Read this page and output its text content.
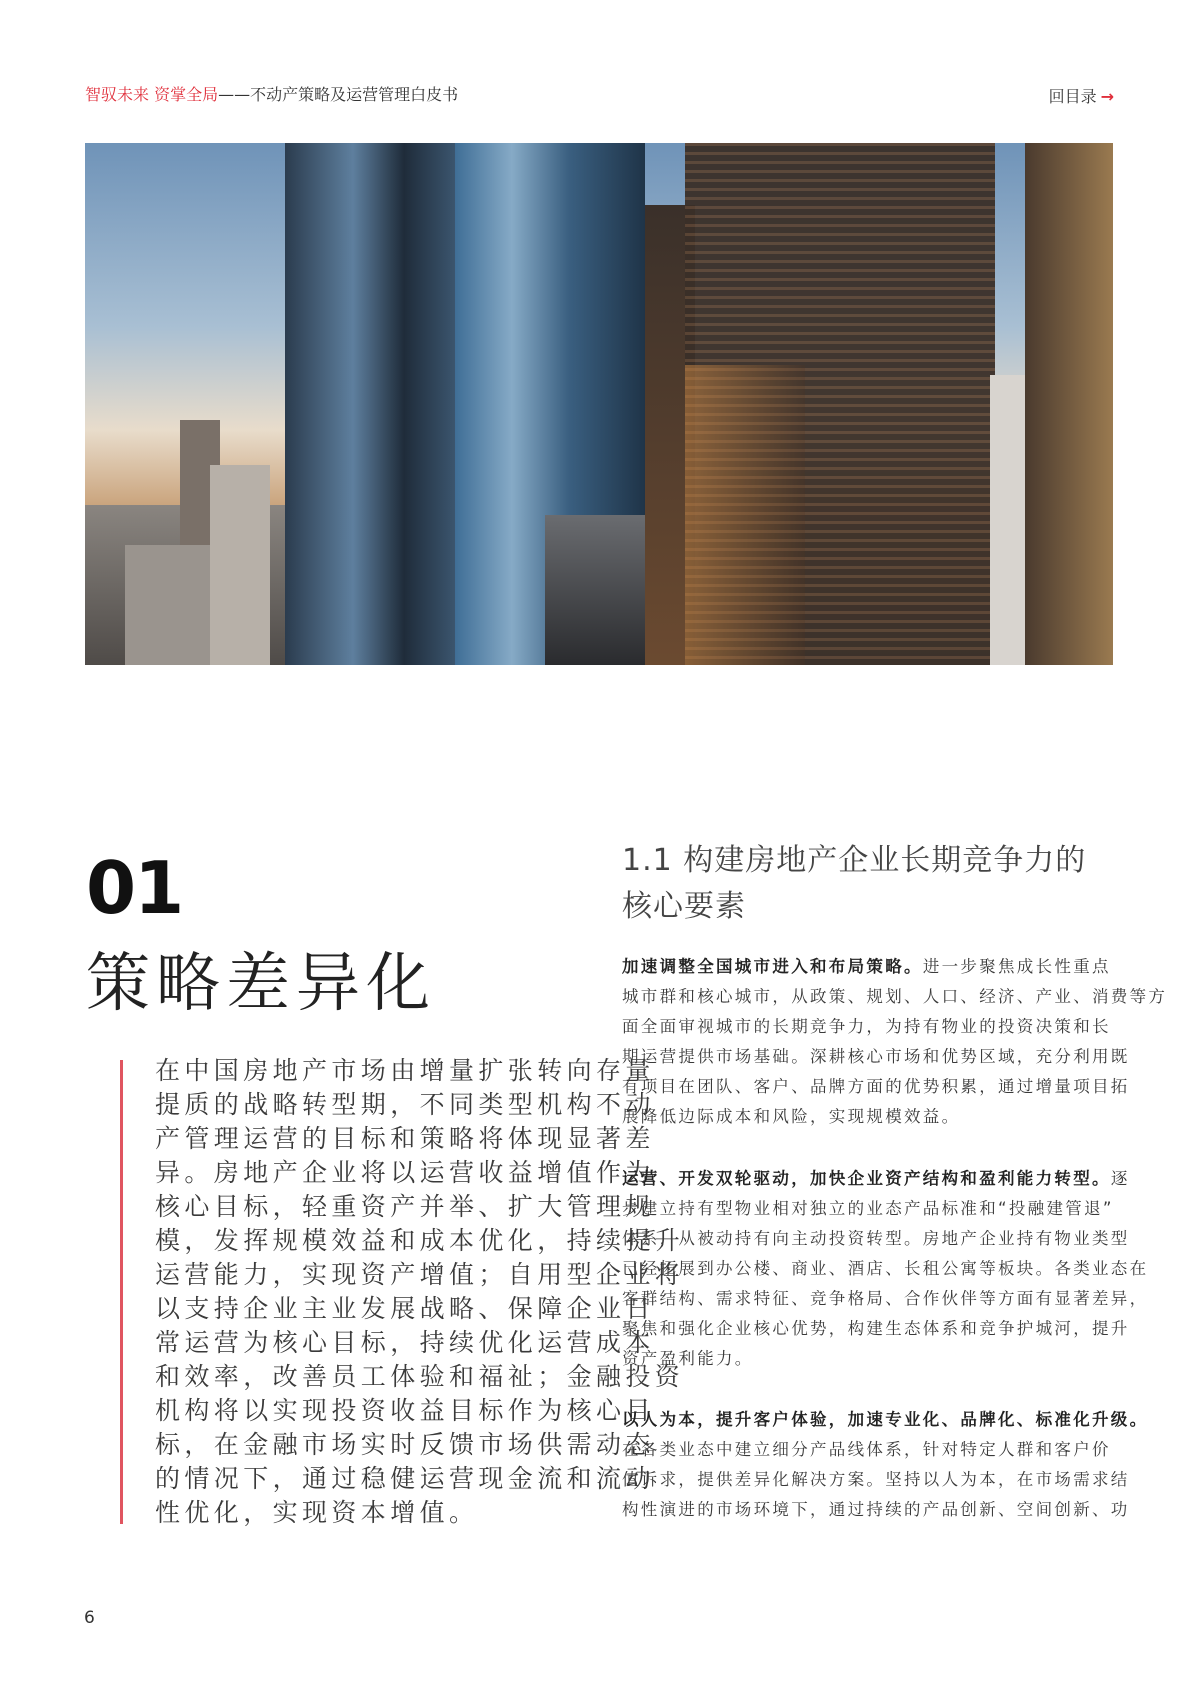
智驭未来 资掌全局——不动产策略及运营管理白皮书	回目录 →
01
策略差异化
在中国房地产市场由增量扩张转向存量
提质的战略转型期，不同类型机构不动
产管理运营的目标和策略将体现显著差
异。房地产企业将以运营收益增值作为
核心目标，轻重资产并举、扩大管理规
模，发挥规模效益和成本优化，持续提升
运营能力，实现资产增值；自用型企业将
以支持企业主业发展战略、保障企业日
常运营为核心目标，持续优化运营成本
和效率，改善员工体验和福祉；金融投资
机构将以实现投资收益目标作为核心目
标，在金融市场实时反馈市场供需动态
的情况下，通过稳健运营现金流和流动
性优化，实现资本增值。
1.1 构建房地产企业长期竞争力的
核心要素
加速调整全国城市进入和布局策略。进一步聚焦成长性重点
城市群和核心城市，从政策、规划、人口、经济、产业、消费等方
面全面审视城市的长期竞争力，为持有物业的投资决策和长
期运营提供市场基础。深耕核心市场和优势区域，充分利用既
有项目在团队、客户、品牌方面的优势积累，通过增量项目拓
展降低边际成本和风险，实现规模效益。
运营、开发双轮驱动，加快企业资产结构和盈利能力转型。逐
步建立持有型物业相对独立的业态产品标准和“投融建管退”
体系，从被动持有向主动投资转型。房地产企业持有物业类型
已经拓展到办公楼、商业、酒店、长租公寓等板块。各类业态在
客群结构、需求特征、竞争格局、合作伙伴等方面有显著差异，
聚焦和强化企业核心优势，构建生态体系和竞争护城河，提升
资产盈利能力。
以人为本，提升客户体验，加速专业化、品牌化、标准化升级。
在各类业态中建立细分产品线体系，针对特定人群和客户价
值诉求，提供差异化解决方案。坚持以人为本，在市场需求结
构性演进的市场环境下，通过持续的产品创新、空间创新、功
6
